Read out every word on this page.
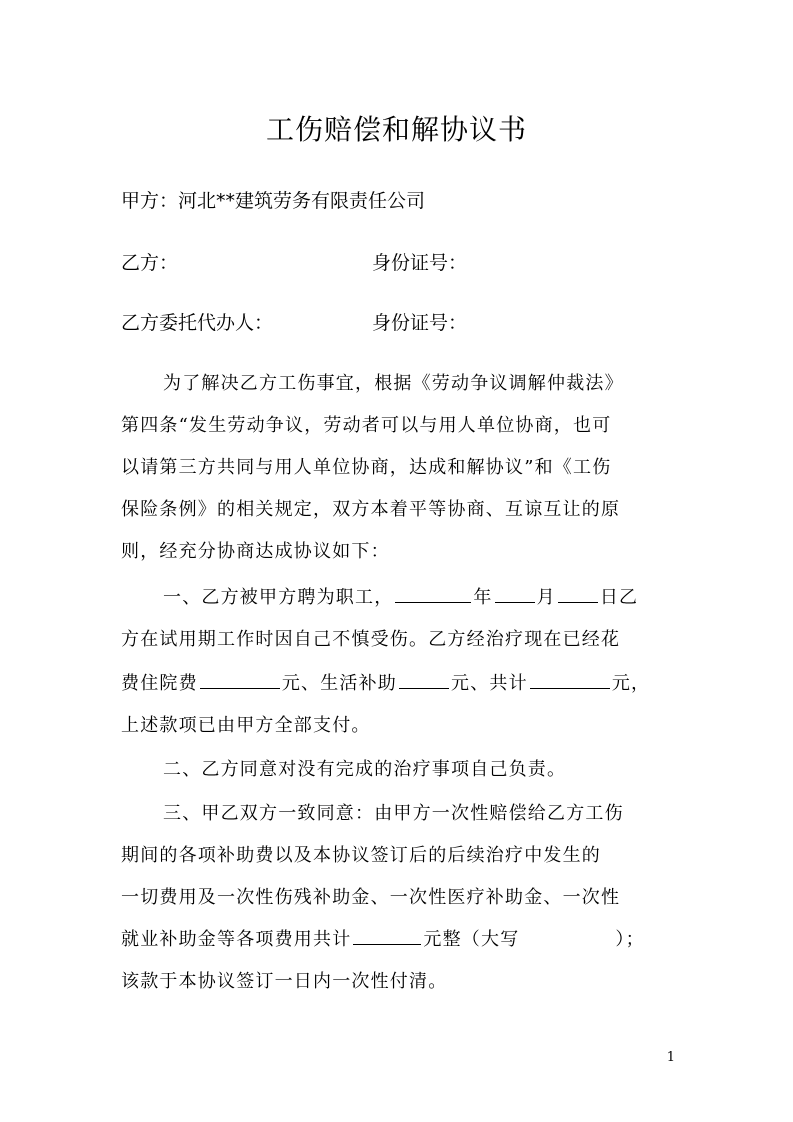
工伤赔偿和解协议书
甲方：河北**建筑劳务有限责任公司
乙方：	身份证号：
乙方委托代办人：	身份证号：
为了解决乙方工伤事宜，根据《劳动争议调解仲裁法》
第四条“发生劳动争议，劳动者可以与用人单位协商，也可
以请第三方共同与用人单位协商，达成和解协议”和《工伤
保险条例》的相关规定，双方本着平等协商、互谅互让的原
则，经充分协商达成协议如下：
一、乙方被甲方聘为职工，	年 月 日乙
方在试用期工作时因自己不慎受伤。乙方经治疗现在已经花
费住院费	元、生活补助	元、共计	元，
上述款项已由甲方全部支付。
二、乙方同意对没有完成的治疗事项自己负责。
三、甲乙双方一致同意：由甲方一次性赔偿给乙方工伤
期间的各项补助费以及本协议签订后的后续治疗中发生的
一切费用及一次性伤残补助金、一次性医疗补助金、一次性
就业补助金等各项费用共计	元整（大写	）；
该款于本协议签订一日内一次性付清。
1
